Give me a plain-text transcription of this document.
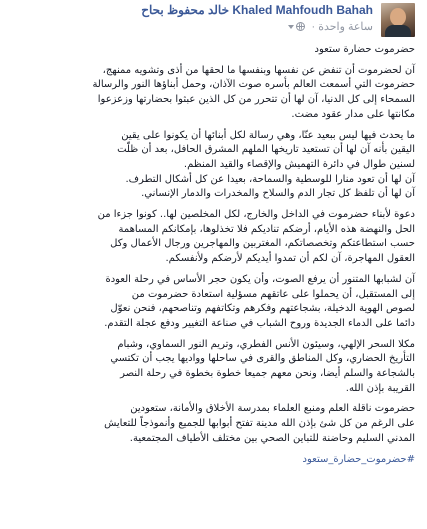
Khaled Mahfoudh Bahah خالد محفوظ بحاح
ساعة واحدة ·

حضرموت حضارة ستعود

آن لحضرموت أن تنفض عن نفسها وبنفسها ما لحقها من أذى وتشويه ممنهج،
حضرموت التي أسمعت العالم بأسره صوت الآذان، وحمل أبناؤها النور والرسالة
السمحاء إلى كل الدنيا، آن لها أن تتحرر من كل الذين عبثوا بحضارتها وزعزعوا
مكانتها على مدار عقود مضت.

ما يحدث فيها ليس ببعيد عنّا، وهي رسالة لكل أبنائها أن يكونوا على يقين
اليقين بأنه آن لها أن تستعيد تاريخها الملهم المشرق الحافل، بعد أن ظلّت
لسنين طوال في دائرة التهميش والإقصاء والقيد المنظم.
آن لها أن تعود منارا للوسطية والسماحة، بعيدا عن كل أشكال التطرف.
آن لها أن تلفظ كل تجار الدم والسلاح والمخدرات والدمار الإنساني.

دعوة لأبناء حضرموت في الداخل والخارج، لكل المخلصين لها.. كونوا جزءا من
الحل والنهضة هذه الأيام، أرضكم تناديكم فلا تخذلوها، بإمكانكم المساهمة
حسب استطاعتكم وتخصصاتكم، المغتربين والمهاجرين ورجال الأعمال وكل
العقول المهاجرة، آن لكم أن تمدوا أيديكم لأرضكم ولأنفسكم.

آن لشبابها المتنور أن يرفع الصوت، وأن يكون حجر الأساس في رحلة العودة
إلى المستقبل، أن يحملوا على عاتقهم مسؤلية استعادة حضرموت من
لصوص الهوية الدخيلة، بشجاعتهم وفكرهم وتكاتفهم وتناصحهم، فنحن نعوّل
دائما على الدماء الجديدة وروح الشباب في صناعة التغيير ودفع عجلة التقدم.

مكلا السحر الإلهي، وسيئون الأنس الفطري، وتريم النور السماوي، وشبام
التأريخ الحضاري، وكل المناطق والقرى في ساحلها وواديها يجب أن تكتسي
بالشجاعة والسلم أيضا، ونحن معهم جميعا خطوة بخطوة في رحلة النصر
القريبة بإذن الله.

حضرموت ناقلة العلم ومنبع العلماء بمدرسة الأخلاق والأمانة، ستعودين
على الرغم من كل شئ بإذن الله مدينة تفتح أبوابها للجميع وأنموذجاً للتعايش
المدني السليم وحاضنة للتباين الصحي بين مختلف الأطياف المجتمعية.

#حضرموت_حضارة_ستعود
